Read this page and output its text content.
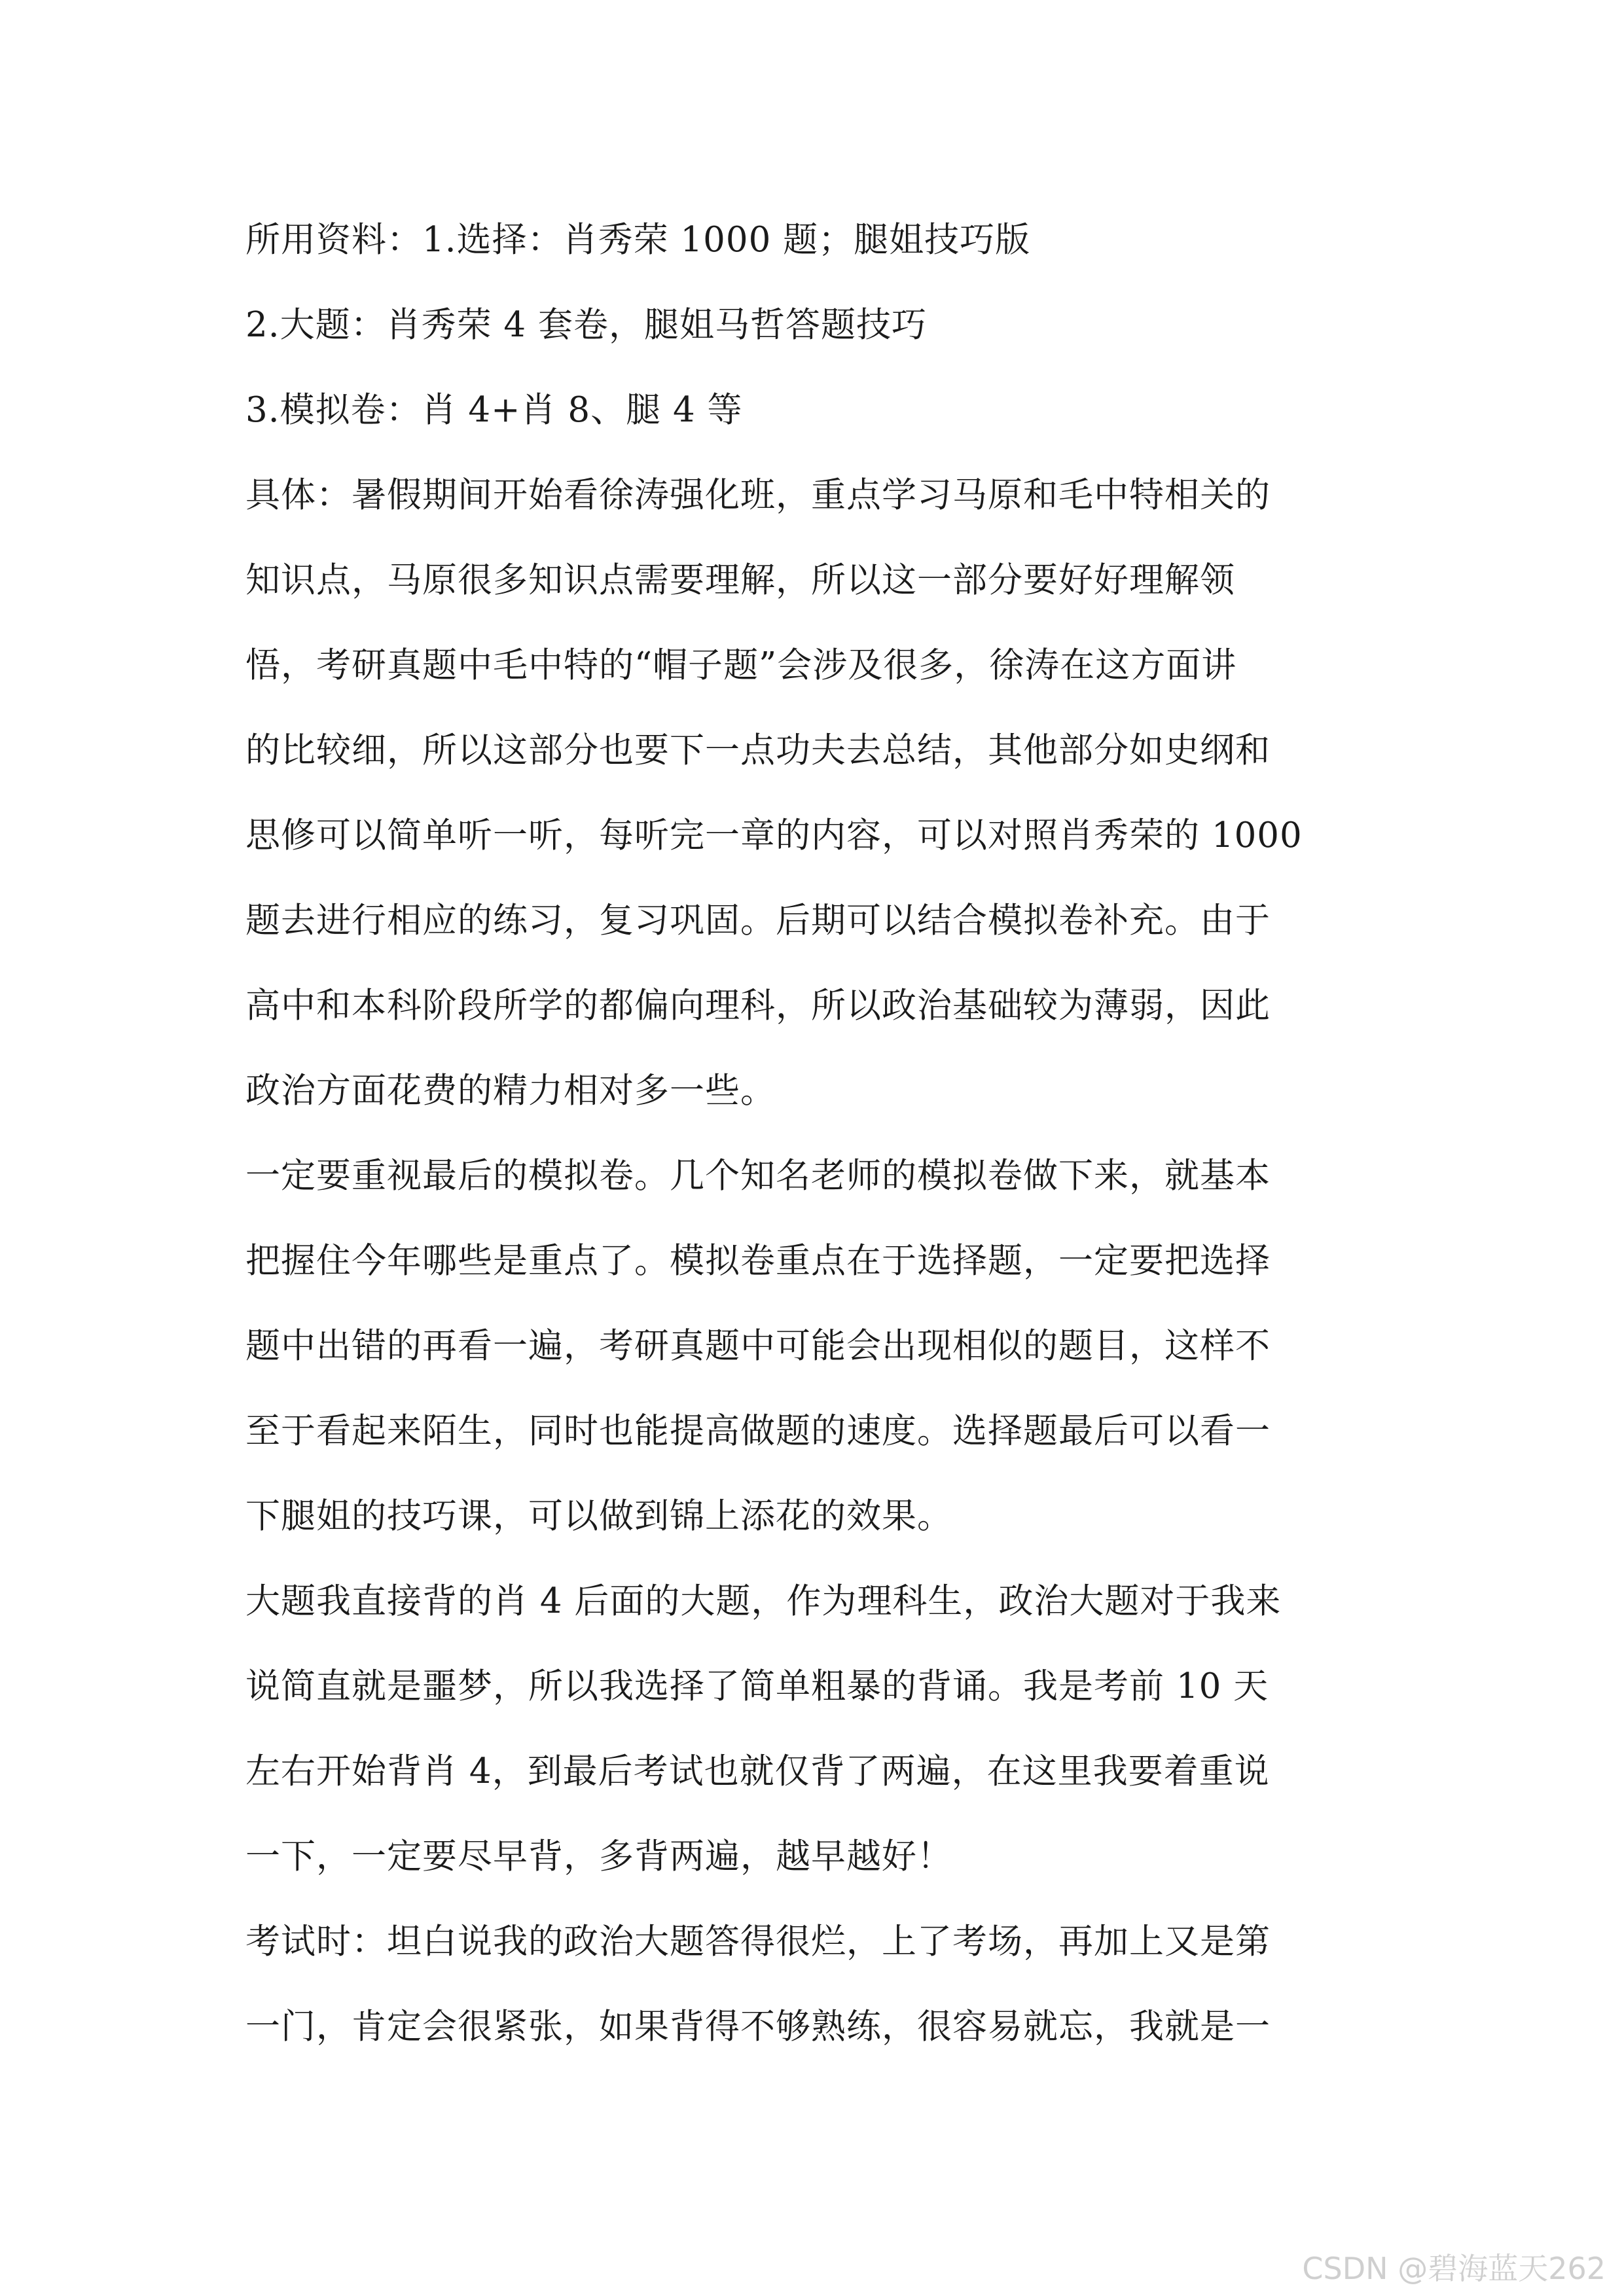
所用资料：1.选择：肖秀荣 1000 题；腿姐技巧版
2.大题：肖秀荣 4 套卷，腿姐马哲答题技巧
3.模拟卷：肖 4+肖 8、腿 4 等
具体：暑假期间开始看徐涛强化班，重点学习马原和毛中特相关的
知识点，马原很多知识点需要理解，所以这一部分要好好理解领
悟，考研真题中毛中特的“帽子题”会涉及很多，徐涛在这方面讲
的比较细，所以这部分也要下一点功夫去总结，其他部分如史纲和
思修可以简单听一听，每听完一章的内容，可以对照肖秀荣的 1000
题去进行相应的练习，复习巩固。后期可以结合模拟卷补充。由于
高中和本科阶段所学的都偏向理科，所以政治基础较为薄弱，因此
政治方面花费的精力相对多一些。
一定要重视最后的模拟卷。几个知名老师的模拟卷做下来，就基本
把握住今年哪些是重点了。模拟卷重点在于选择题，一定要把选择
题中出错的再看一遍，考研真题中可能会出现相似的题目，这样不
至于看起来陌生，同时也能提高做题的速度。选择题最后可以看一
下腿姐的技巧课，可以做到锦上添花的效果。
大题我直接背的肖 4 后面的大题，作为理科生，政治大题对于我来
说简直就是噩梦，所以我选择了简单粗暴的背诵。我是考前 10 天
左右开始背肖 4，到最后考试也就仅背了两遍，在这里我要着重说
一下，一定要尽早背，多背两遍，越早越好！
考试时：坦白说我的政治大题答得很烂，上了考场，再加上又是第
一门，肯定会很紧张，如果背得不够熟练，很容易就忘，我就是一
CSDN @碧海蓝天262
